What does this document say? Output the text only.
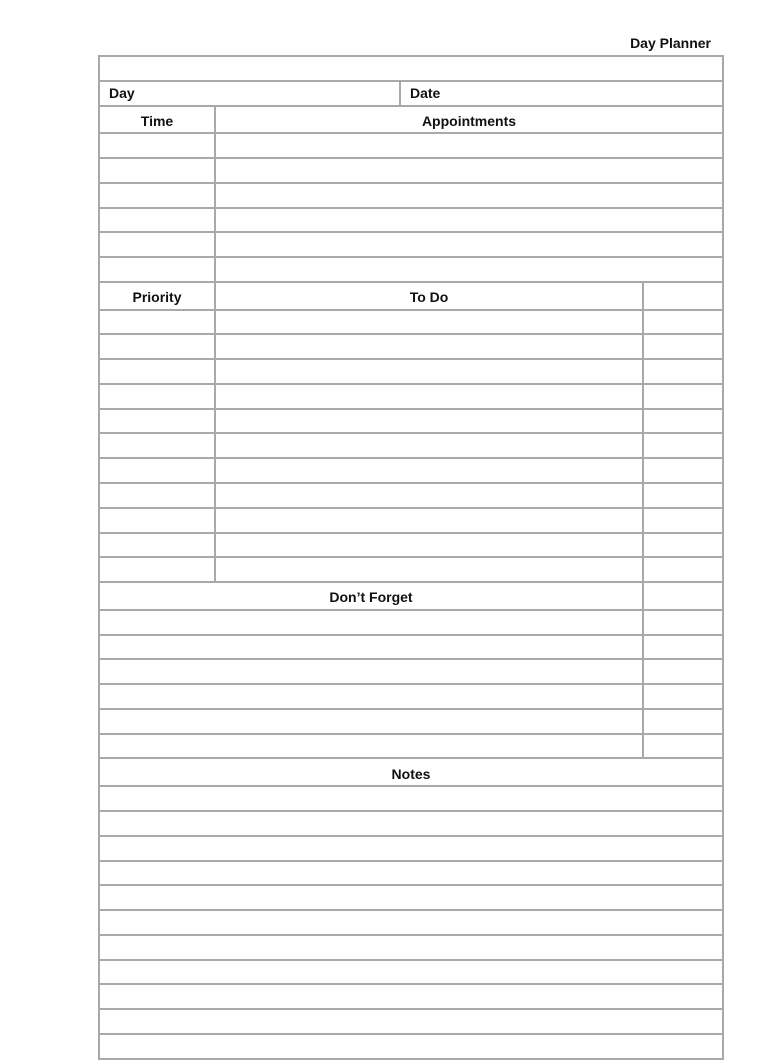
Day Planner

Day		Date	
Time	Appointments		

Priority	To Do		

Don’t Forget			

Notes			
